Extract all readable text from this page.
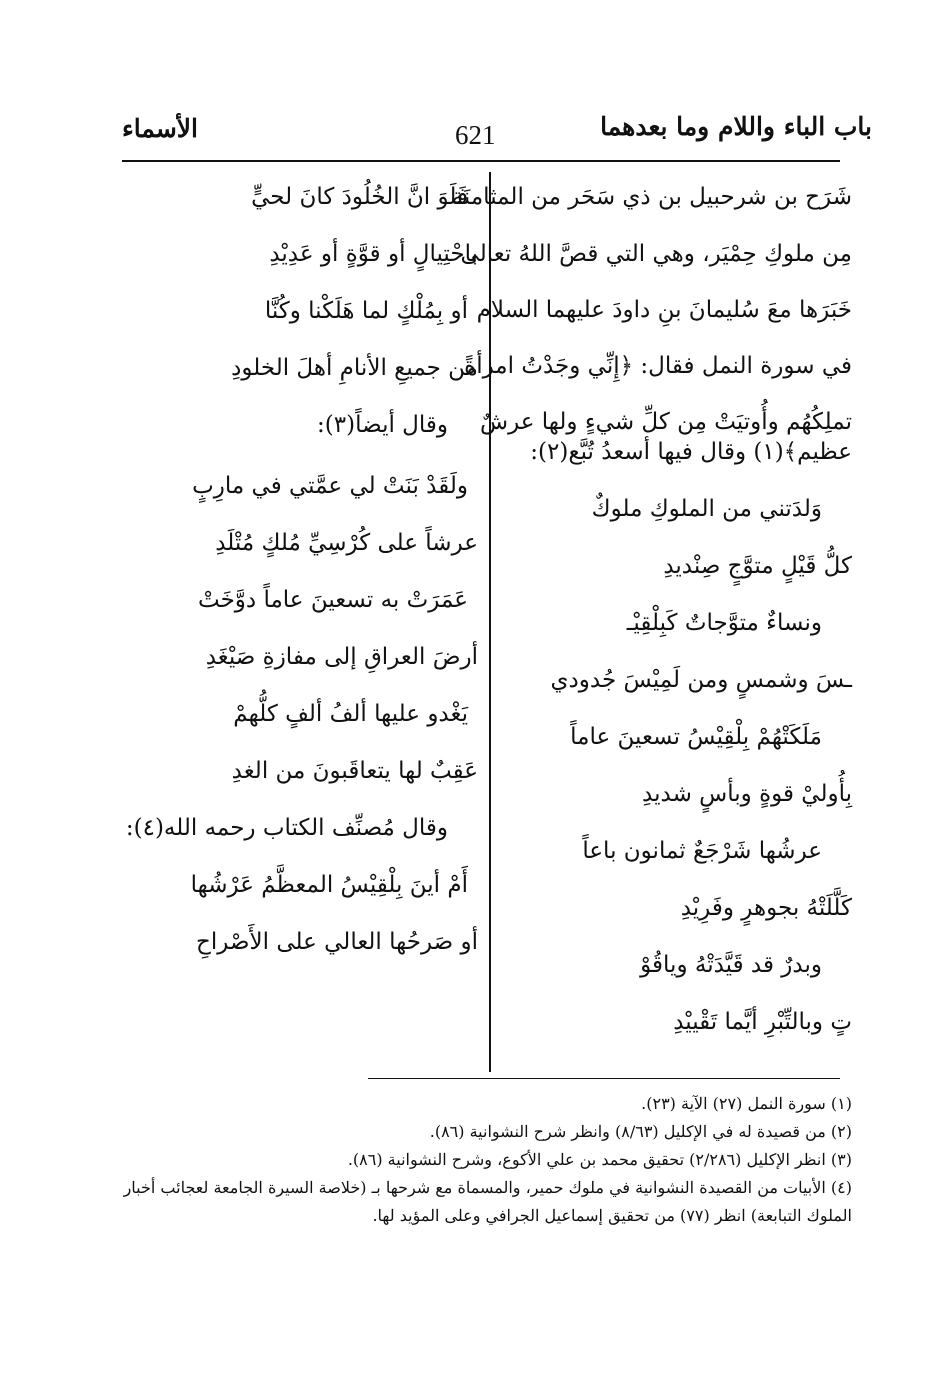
باب الباء واللام وما بعدهما
621
الأسماء
شَرَح بن شرحبيل بن ذي سَحَر من المثامنَة
مِن ملوكِ حِمْيَر، وهي التي قصَّ اللهُ تعالى
خَبَرَها معَ سُليمانَ بنِ داودَ عليهما السلام
في سورة النمل فقال: ﴿إِنِّي وجَدْتُ امرأةً
تملِكُهُم وأُوتيَتْ مِن كلِّ شيءٍ ولها عرشٌ
عظيم﴾(١) وقال فيها أسعدُ تُبَّع(٢):
وَلدَتني من الملوكِ ملوكٌ
كلُّ قَيْلٍ متوَّجٍ صِنْديدِ
ونساءٌ متوَّجاتٌ كَبِلْقِيْـ
ـسَ وشمسٍ ومن لَمِيْسَ جُدودي
مَلَكَتْهُمْ بِلْقِيْسُ تسعينَ عاماً
بِأُوليْ قوةٍ وبأسٍ شديدِ
عرشُها شَرْجَعٌ ثمانون باعاً
كَلَّلَتْهُ بجوهرٍ وفَرِيْدِ
وبدرٌ قد قَيَّدَتْهُ وياقُوْ
تٍ وبالتِّبْرِ أيَّما تَقْييْدِ
فَلَوَ انَّ الخُلُودَ كانَ لحيٍّ
باحْتِيالٍ أو قوَّةٍ أو عَدِيْدِ
أو بِمُلْكٍ لما هَلَكْنا وكُنَّا
من جميعِ الأنامِ أهلَ الخلودِ
وقال أيضاً(٣):
ولَقَدْ بَنَتْ لي عمَّتي في مارِبٍ
عرشاً على كُرْسِيِّ مُلكٍ مُتْلَدِ
عَمَرَتْ به تسعينَ عاماً دوَّخَتْ
أرضَ العراقِ إلى مفازةِ صَيْغَدِ
يَغْدو عليها ألفُ ألفٍ كلُّهمْ
عَقِبٌ لها يتعاقَبونَ من الغدِ
وقال مُصنِّف الكتاب رحمه الله(٤):
أَمْ أينَ بِلْقِيْسُ المعظَّمُ عَرْشُها
أو صَرحُها العالي على الأَصْراحِ
(١) سورة النمل (٢٧) الآية (٢٣).
(٢) من قصيدة له في الإكليل (٨/٦٣) وانظر شرح النشوانية (٨٦).
(٣) انظر الإكليل (٢/٢٨٦) تحقيق محمد بن علي الأكوع، وشرح النشوانية (٨٦).
(٤) الأبيات من القصيدة النشوانية في ملوك حمير، والمسماة مع شرحها بـ (خلاصة السيرة الجامعة لعجائب أخبار
الملوك التبابعة) انظر (٧٧) من تحقيق إسماعيل الجرافي وعلى المؤيد لها.
